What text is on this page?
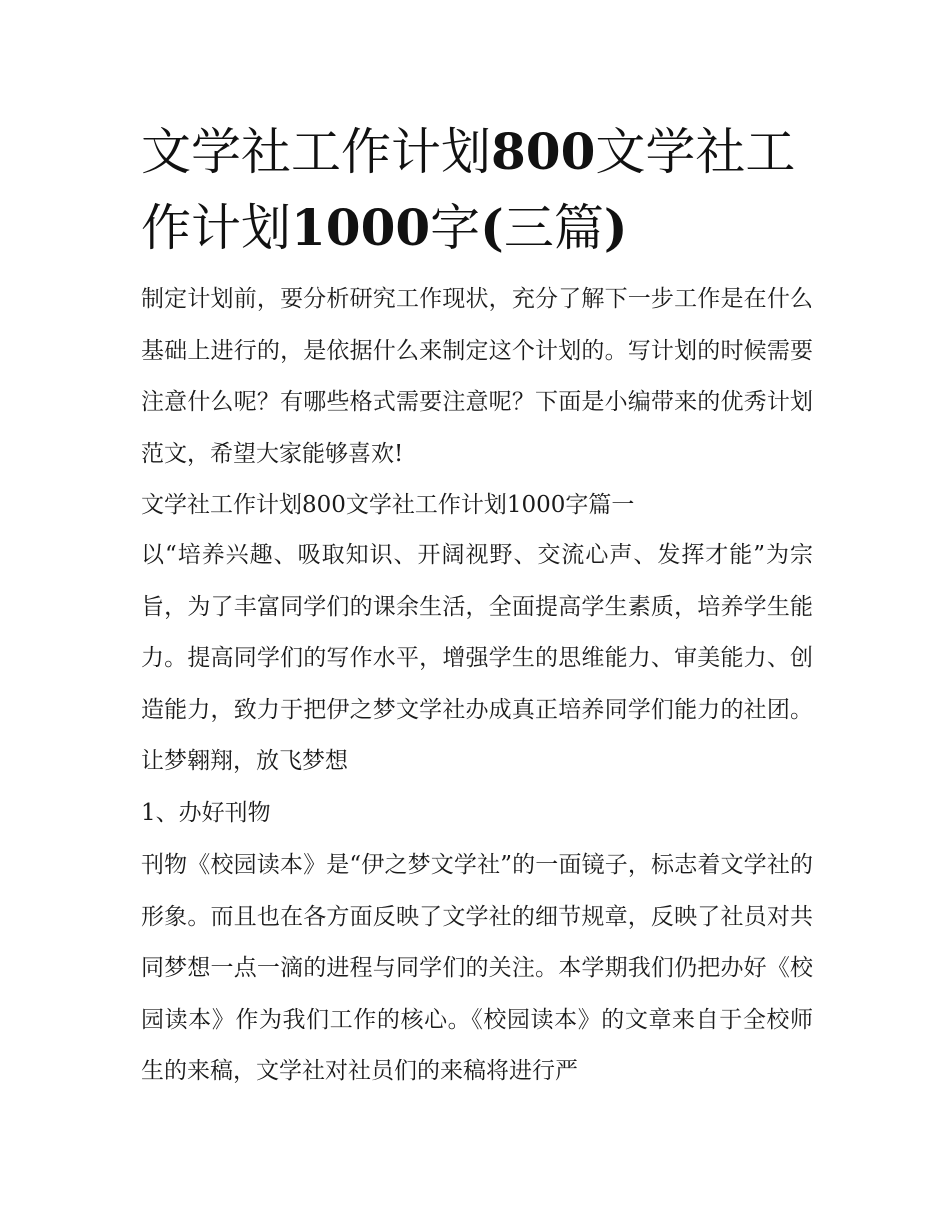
文学社工作计划800文学社工作计划1000字(三篇)

制定计划前，要分析研究工作现状，充分了解下一步工作是在什么基础上进行的，是依据什么来制定这个计划的。写计划的时候需要注意什么呢？有哪些格式需要注意呢？下面是小编带来的优秀计划范文，希望大家能够喜欢!

文学社工作计划800文学社工作计划1000字篇一

以“培养兴趣、吸取知识、开阔视野、交流心声、发挥才能”为宗旨，为了丰富同学们的课余生活，全面提高学生素质，培养学生能力。提高同学们的写作水平，增强学生的思维能力、审美能力、创造能力，致力于把伊之梦文学社办成真正培养同学们能力的社团。让梦翱翔，放飞梦想

1、办好刊物

刊物《校园读本》是“伊之梦文学社”的一面镜子，标志着文学社的形象。而且也在各方面反映了文学社的细节规章，反映了社员对共同梦想一点一滴的进程与同学们的关注。本学期我们仍把办好《校园读本》作为我们工作的核心。《校园读本》的文章来自于全校师生的来稿，文学社对社员们的来稿将进行严
